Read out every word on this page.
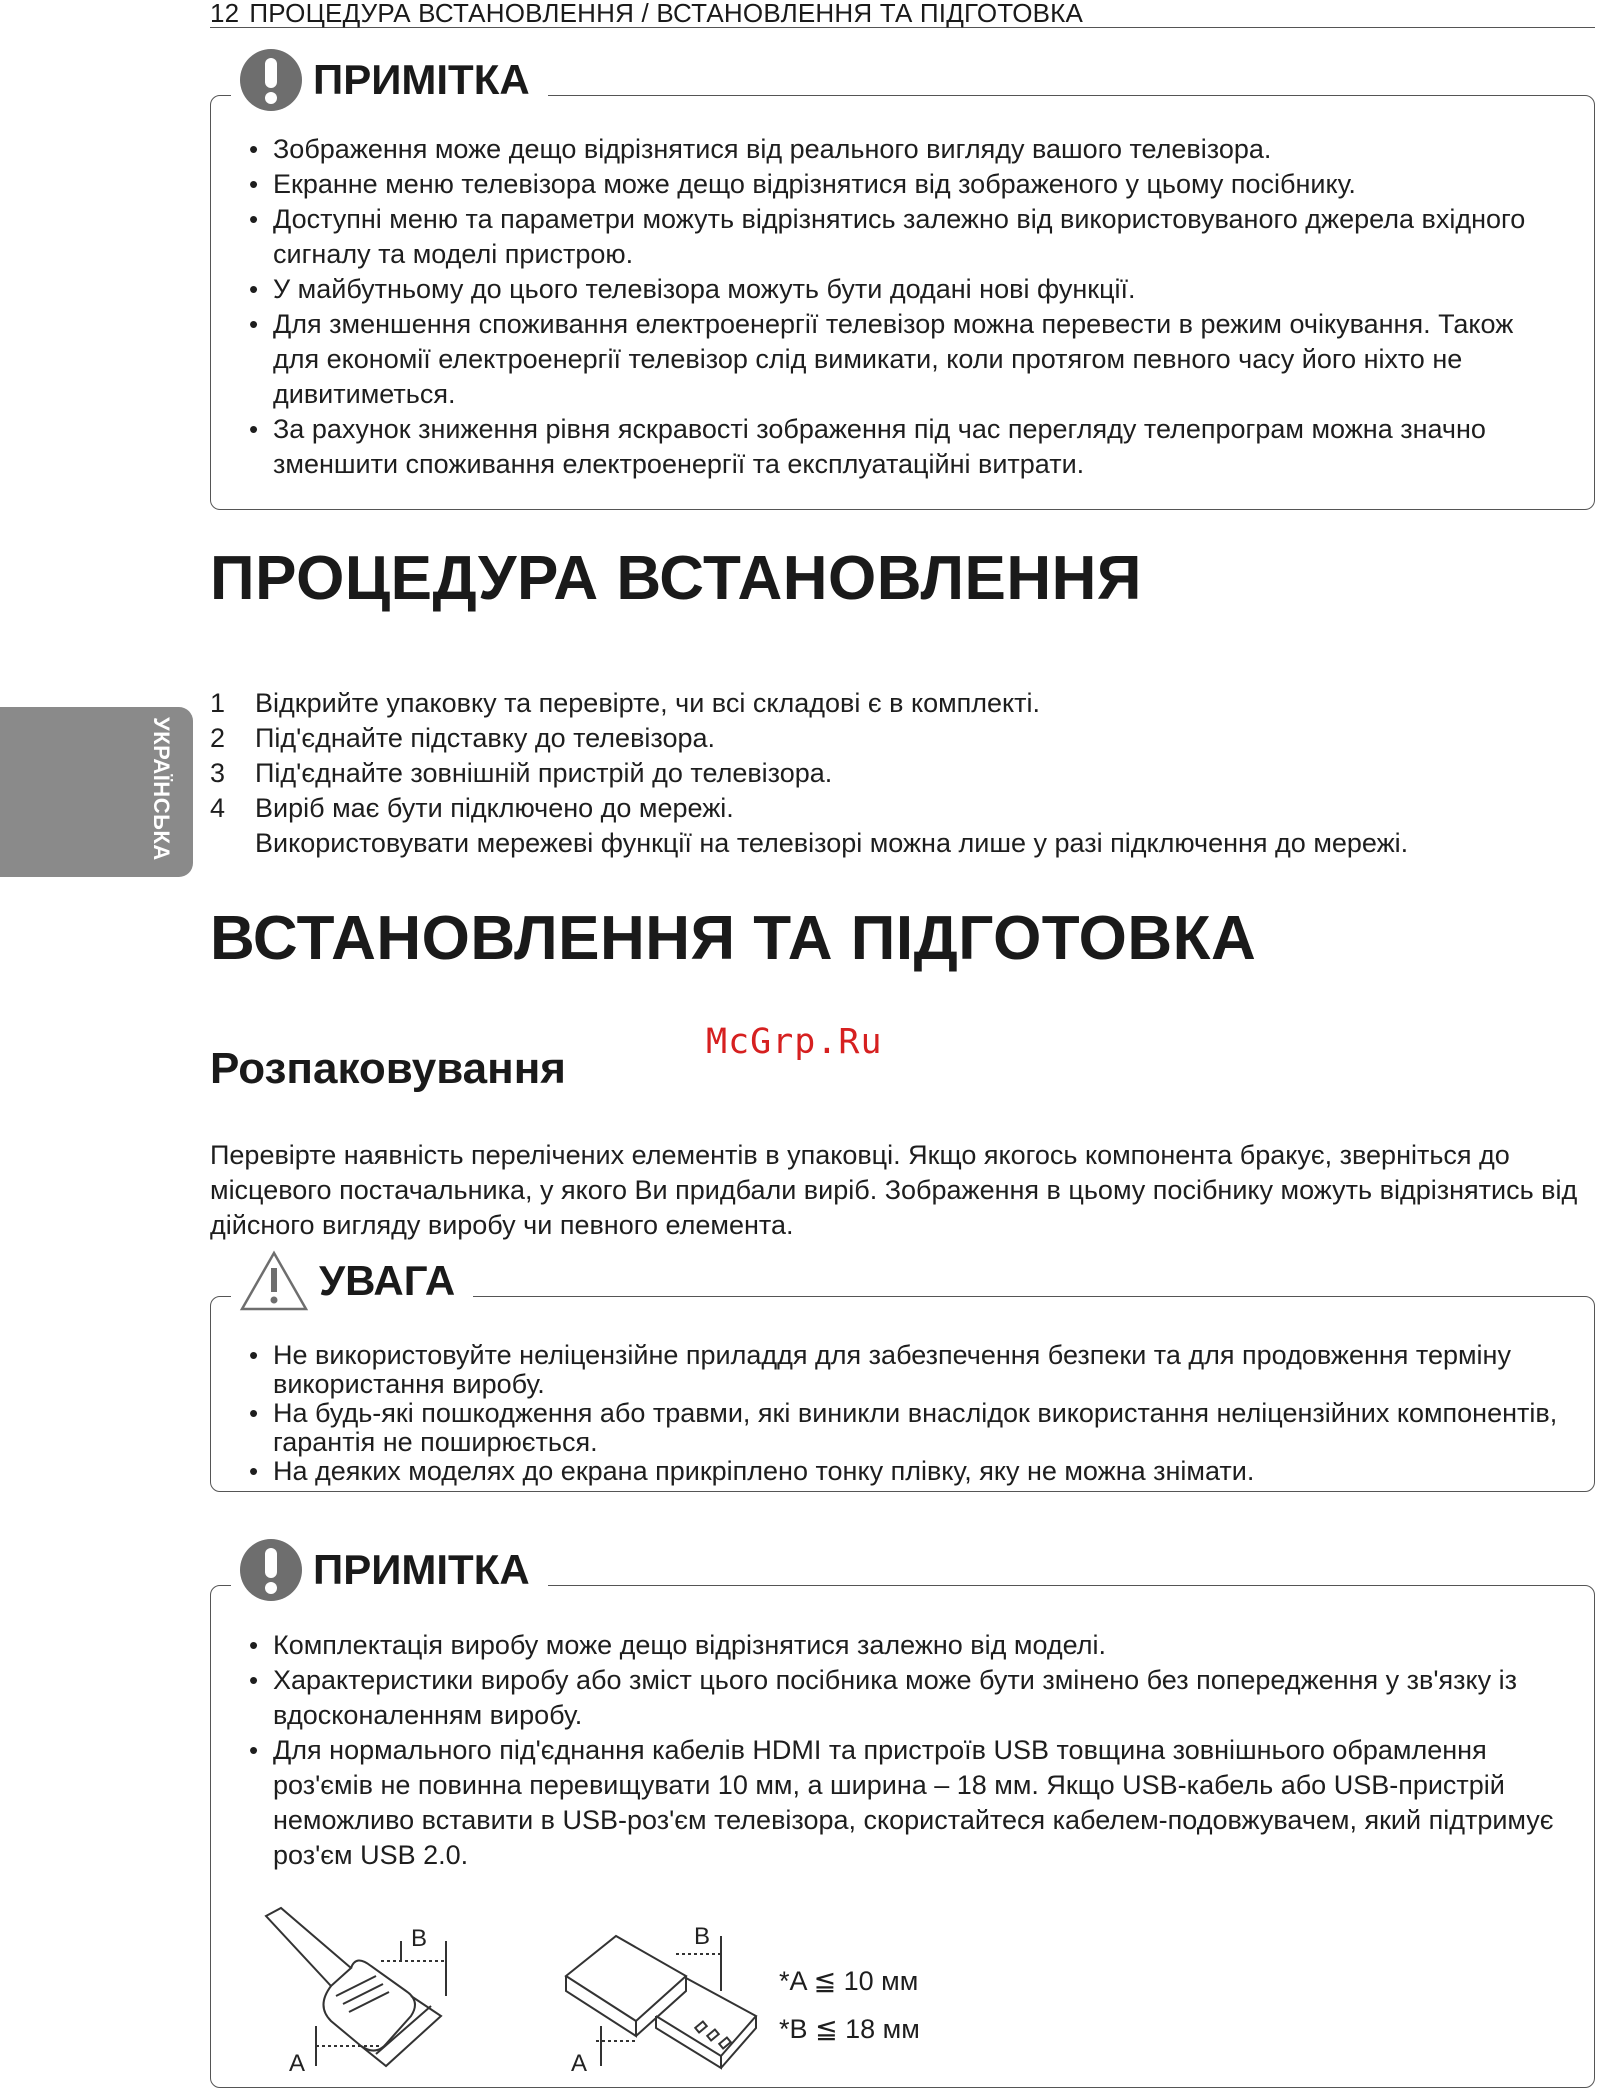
12 ПРОЦЕДУРА ВСТАНОВЛЕННЯ / ВСТАНОВЛЕННЯ ТА ПІДГОТОВКА
УКРАЇНСЬКА
ПРИМІТКА
• Зображення може дещо відрізнятися від реального вигляду вашого телевізора.
• Екранне меню телевізора може дещо відрізнятися від зображеного у цьому посібнику.
• Доступні меню та параметри можуть відрізнятись залежно від використовуваного джерела вхідного сигналу та моделі пристрою.
• У майбутньому до цього телевізора можуть бути додані нові функції.
• Для зменшення споживання електроенергії телевізор можна перевести в режим очікування. Також для економії електроенергії телевізор слід вимикати, коли протягом певного часу його ніхто не дивитиметься.
• За рахунок зниження рівня яскравості зображення під час перегляду телепрограм можна значно зменшити споживання електроенергії та експлуатаційні витрати.
ПРОЦЕДУРА ВСТАНОВЛЕННЯ
1 Відкрийте упаковку та перевірте, чи всі складові є в комплекті.
2 Під'єднайте підставку до телевізора.
3 Під'єднайте зовнішній пристрій до телевізора.
4 Виріб має бути підключено до мережі.
Використовувати мережеві функції на телевізорі можна лише у разі підключення до мережі.
ВСТАНОВЛЕННЯ ТА ПІДГОТОВКА
Розпаковування
McGrp.Ru
Перевірте наявність перелічених елементів в упаковці. Якщо якогось компонента бракує, зверніться до місцевого постачальника, у якого Ви придбали виріб. Зображення в цьому посібнику можуть відрізнятись від дійсного вигляду виробу чи певного елемента.
УВАГА
• Не використовуйте неліцензійне приладдя для забезпечення безпеки та для продовження терміну використання виробу.
• На будь-які пошкодження або травми, які виникли внаслідок використання неліцензійних компонентів, гарантія не поширюється.
• На деяких моделях до екрана прикріплено тонку плівку, яку не можна знімати.
ПРИМІТКА
• Комплектація виробу може дещо відрізнятися залежно від моделі.
• Характеристики виробу або зміст цього посібника може бути змінено без попередження у зв'язку із вдосконаленням виробу.
• Для нормального під'єднання кабелів HDMI та пристроїв USB товщина зовнішнього обрамлення роз'ємів не повинна перевищувати 10 мм, а ширина – 18 мм. Якщо USB-кабель або USB-пристрій неможливо вставити в USB-роз'єм телевізора, скористайтеся кабелем-подовжувачем, який підтримує роз'єм USB 2.0.
B
A
B
A
*A ≦ 10 мм
*B ≦ 18 мм
